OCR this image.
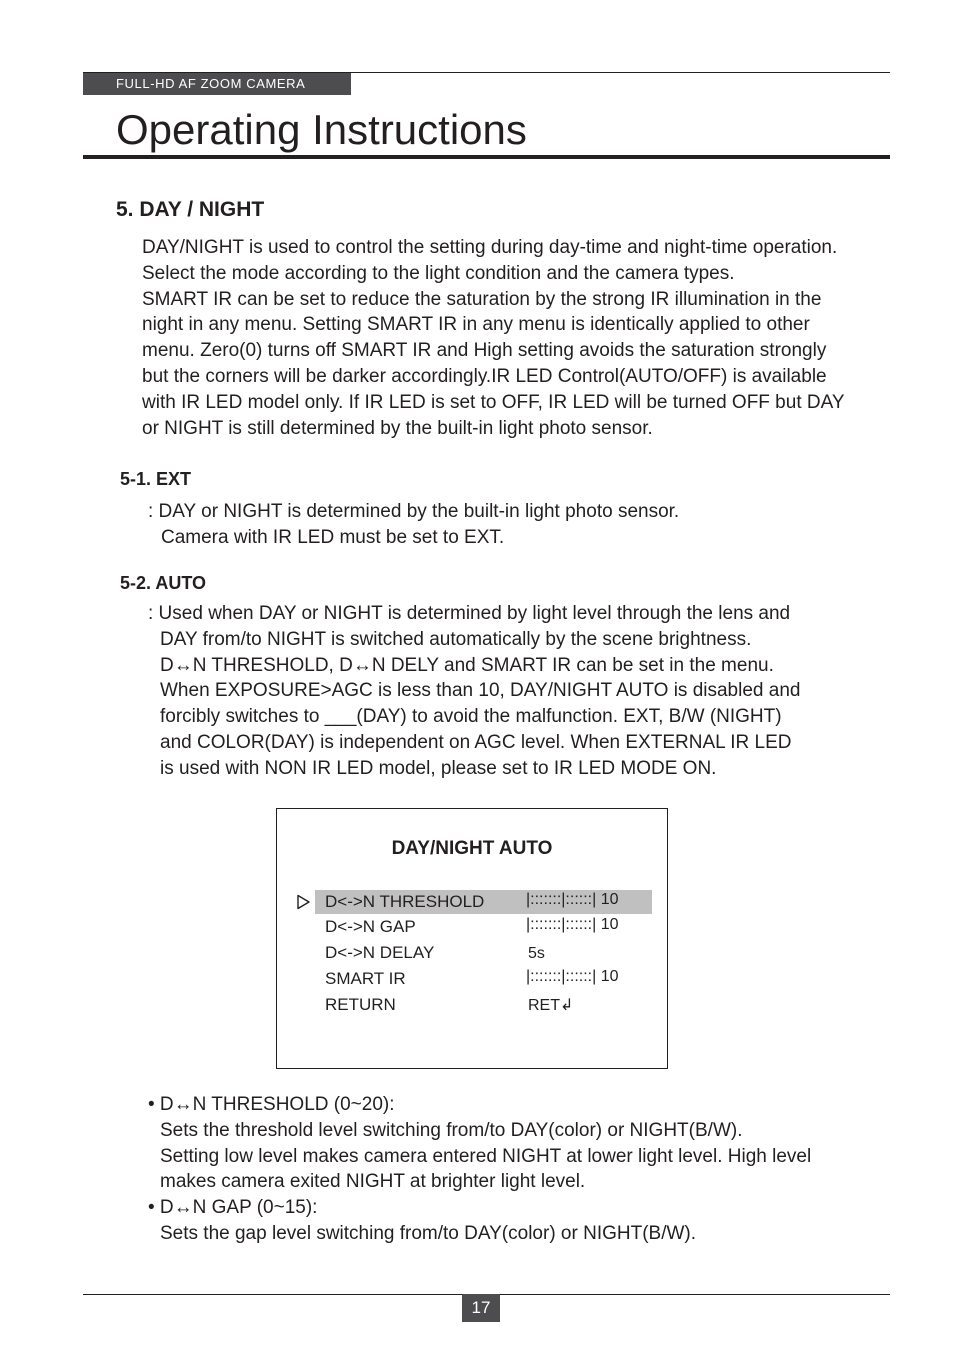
FULL-HD AF ZOOM CAMERA
Operating Instructions
5. DAY / NIGHT
DAY/NIGHT is used to control the setting during day-time and night-time operation.
Select the mode according to the light condition and the camera types.
SMART IR can be set to reduce the saturation by the strong IR illumination in the
night in any menu. Setting SMART IR in any menu is identically applied to other
menu. Zero(0) turns off SMART IR and High setting avoids the saturation strongly
but the corners will be darker accordingly.IR LED Control(AUTO/OFF) is available
with IR LED model only. If IR LED is set to OFF, IR LED will be turned OFF but DAY
or NIGHT is still determined by the built-in light photo sensor.
5-1. EXT
: DAY or NIGHT is determined by the built-in light photo sensor.
Camera with IR LED must be set to EXT.
5-2. AUTO
: Used when DAY or NIGHT is determined by light level through the lens and
DAY from/to NIGHT is switched automatically by the scene brightness.
D↔N THRESHOLD, D↔N DELY and SMART IR can be set in the menu.
When EXPOSURE>AGC is less than 10, DAY/NIGHT AUTO is disabled and
forcibly switches to ___(DAY) to avoid the malfunction. EXT, B/W (NIGHT)
and COLOR(DAY) is independent on AGC level. When EXTERNAL IR LED
is used with NON IR LED model, please set to IR LED MODE ON.
DAY/NIGHT AUTO
D<->N THRESHOLD	|:::::::|::::::| 10
D<->N GAP	|:::::::|::::::| 10
D<->N DELAY	5s
SMART IR	|:::::::|::::::| 10
RETURN	RET↲
• D↔N THRESHOLD (0~20):
Sets the threshold level switching from/to DAY(color) or NIGHT(B/W).
Setting low level makes camera entered NIGHT at lower light level. High level
makes camera exited NIGHT at brighter light level.
• D↔N GAP (0~15):
Sets the gap level switching from/to DAY(color) or NIGHT(B/W).
17
